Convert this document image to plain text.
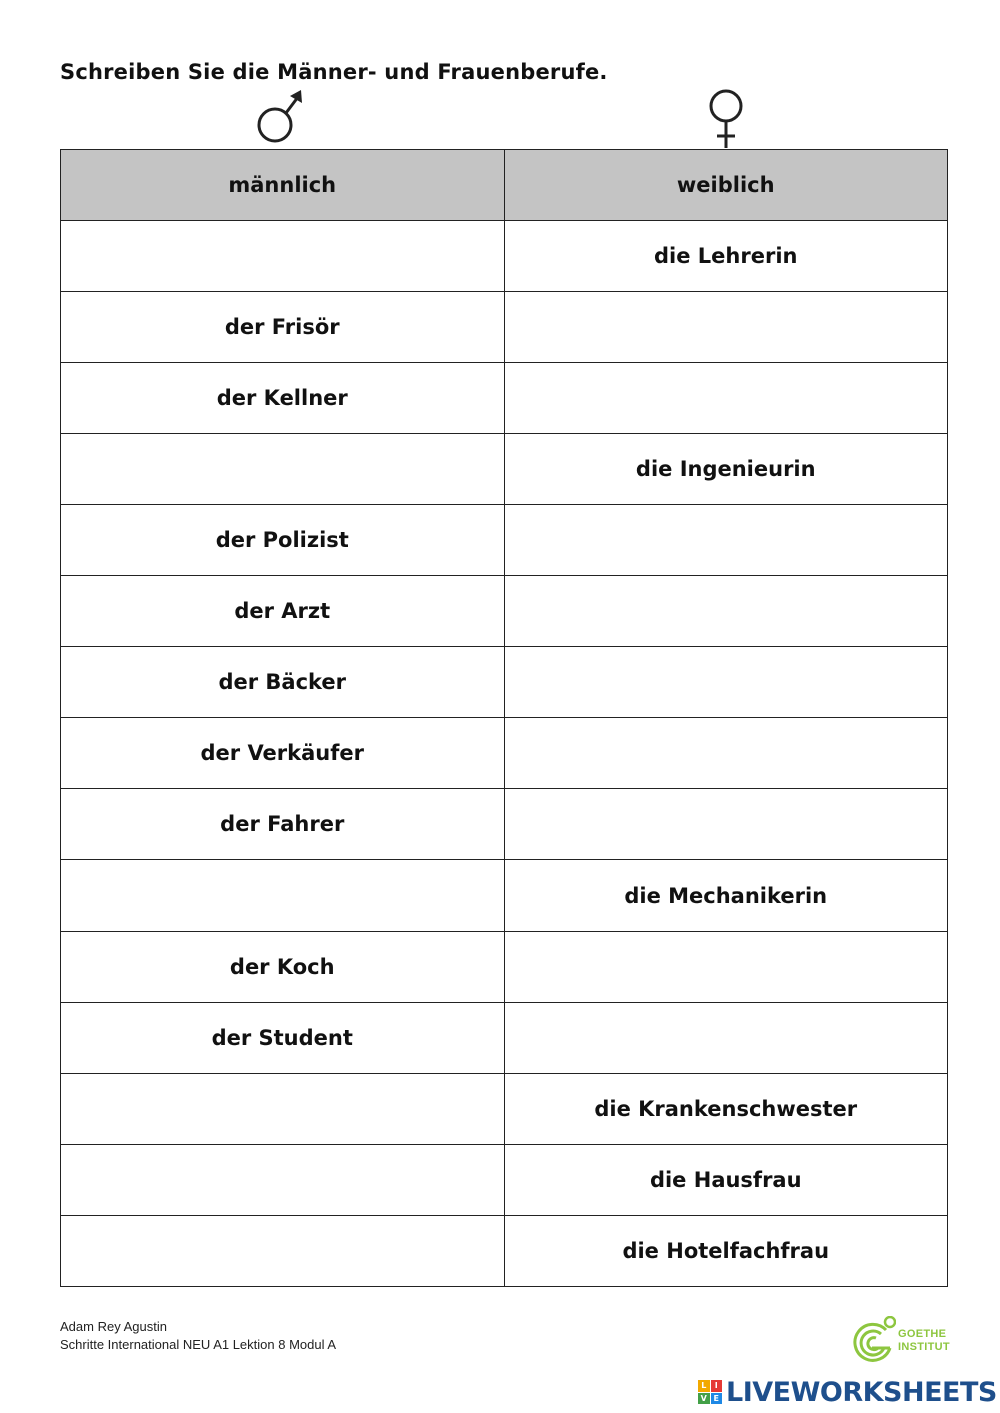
Schreiben Sie die Männer- und Frauenberufe.
männlich	weiblich
	die Lehrerin
der Frisör	
der Kellner	
	die Ingenieurin
der Polizist	
der Arzt	
der Bäcker	
der Verkäufer	
der Fahrer	
	die Mechanikerin
der Koch	
der Student	
	die Krankenschwester
	die Hausfrau
	die Hotelfachfrau
Adam Rey Agustin
Schritte International NEU A1 Lektion 8 Modul A
GOETHE
INSTITUT
L	I
V E LIVEWORKSHEETS
